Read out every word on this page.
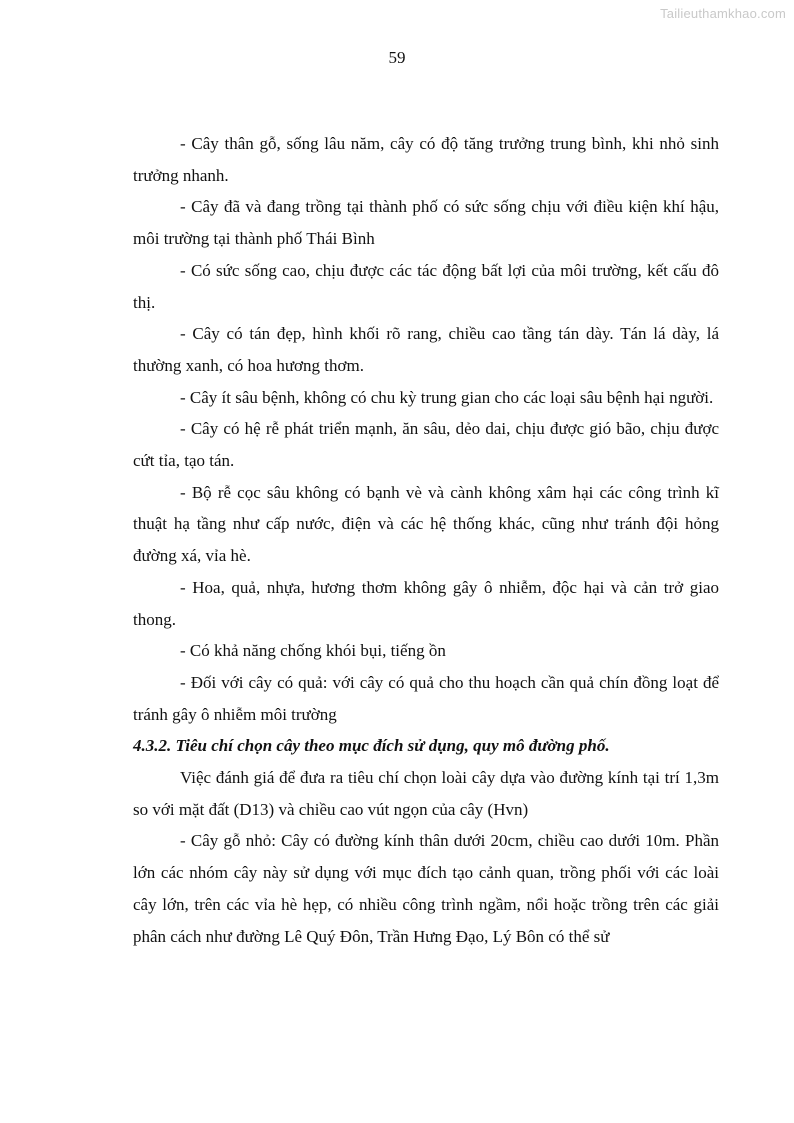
Tailieuthamkhao.com
59

- Cây thân gỗ, sống lâu năm, cây có độ tăng trưởng trung bình, khi nhỏ sinh trưởng nhanh.

- Cây đã và đang trồng tại thành phố có sức sống chịu với điều kiện khí hậu, môi trường tại thành phố Thái Bình

- Có sức sống cao, chịu được các tác động bất lợi của môi trường, kết cấu đô thị.

- Cây có tán đẹp, hình khối rõ rang, chiều cao tầng tán dày. Tán lá dày, lá thường xanh, có hoa hương thơm.

- Cây ít sâu bệnh, không có chu kỳ trung gian cho các loại sâu bệnh hại người.

- Cây có hệ rễ phát triển mạnh, ăn sâu, dẻo dai, chịu được gió bão, chịu được cứt tỉa, tạo tán.

- Bộ rễ cọc sâu không có bạnh vè và cành không xâm hại các công trình kĩ thuật hạ tầng như cấp nước, điện và các hệ thống khác, cũng như tránh đội hỏng đường xá, vỉa hè.

- Hoa, quả, nhựa, hương thơm không gây ô nhiễm, độc hại và cản trở giao thong.

- Có khả năng chống khói bụi, tiếng ồn

- Đối với cây có quả: với cây có quả cho thu hoạch cần quả chín đồng loạt để tránh gây ô nhiễm môi trường

4.3.2. Tiêu chí chọn cây theo mục đích sử dụng, quy mô đường phố.

Việc đánh giá để đưa ra tiêu chí chọn loài cây dựa vào đường kính tại trí 1,3m so với mặt đất (D13) và chiều cao vút ngọn của cây (Hvn)

- Cây gỗ nhỏ: Cây có đường kính thân dưới 20cm, chiều cao dưới 10m. Phần lớn các nhóm cây này sử dụng với mục đích tạo cảnh quan, trồng phối với các loài cây lớn, trên các vỉa hè hẹp, có nhiều công trình ngầm, nổi hoặc trồng trên các giải phân cách như đường Lê Quý Đôn, Trần Hưng Đạo, Lý Bôn có thể sử
